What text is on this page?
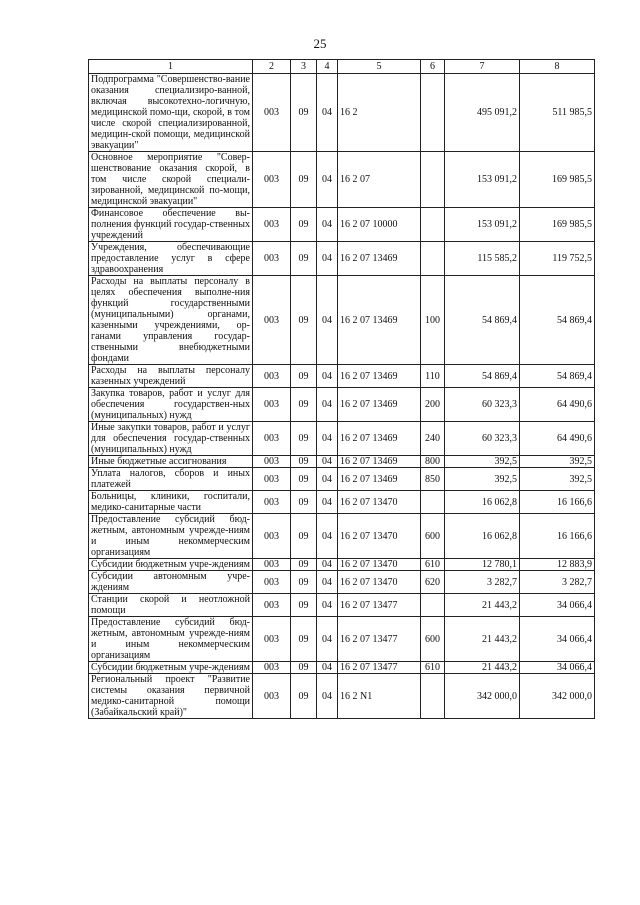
25
1	2	3	4	5	6	7	8
Подпрограмма "Совершенство-вание оказания специализиро-ванной, включая высокотехно-логичную, медицинской помо-щи, скорой, в том числе скорой специализированной, медицин-ской помощи, медицинской эвакуации"	003	09	04	16 2		495 091,2	511 985,5
Основное мероприятие "Совер-шенствование оказания скорой, в том числе скорой специали-зированной, медицинской по-мощи, медицинской эвакуации"	003	09	04	16 2 07		153 091,2	169 985,5
Финансовое обеспечение вы-полнения функций государ-ственных учреждений	003	09	04	16 2 07 10000		153 091,2	169 985,5
Учреждения, обеспечивающие предоставление услуг в сфере здравоохранения	003	09	04	16 2 07 13469		115 585,2	119 752,5
Расходы на выплаты персоналу в целях обеспечения выполне-ния функций государственными (муниципальными) органами, казенными учреждениями, ор-ганами управления государ-ственными внебюджетными фондами	003	09	04	16 2 07 13469	100	54 869,4	54 869,4
Расходы на выплаты персоналу казенных учреждений	003	09	04	16 2 07 13469	110	54 869,4	54 869,4
Закупка товаров, работ и услуг для обеспечения государствен-ных (муниципальных) нужд	003	09	04	16 2 07 13469	200	60 323,3	64 490,6
Иные закупки товаров, работ и услуг для обеспечения государ-ственных (муниципальных) нужд	003	09	04	16 2 07 13469	240	60 323,3	64 490,6
Иные бюджетные ассигнования	003	09	04	16 2 07 13469	800	392,5	392,5
Уплата налогов, сборов и иных платежей	003	09	04	16 2 07 13469	850	392,5	392,5
Больницы, клиники, госпитали, медико-санитарные части	003	09	04	16 2 07 13470		16 062,8	16 166,6
Предоставление субсидий бюд-жетным, автономным учрежде-ниям и иным некоммерческим организациям	003	09	04	16 2 07 13470	600	16 062,8	16 166,6
Субсидии бюджетным учре-ждениям	003	09	04	16 2 07 13470	610	12 780,1	12 883,9
Субсидии автономным учре-ждениям	003	09	04	16 2 07 13470	620	3 282,7	3 282,7
Станции скорой и неотложной помощи	003	09	04	16 2 07 13477		21 443,2	34 066,4
Предоставление субсидий бюд-жетным, автономным учрежде-ниям и иным некоммерческим организациям	003	09	04	16 2 07 13477	600	21 443,2	34 066,4
Субсидии бюджетным учре-ждениям	003	09	04	16 2 07 13477	610	21 443,2	34 066,4
Региональный проект "Развитие системы оказания первичной медико-санитарной помощи (Забайкальский край)"	003	09	04	16 2 N1		342 000,0	342 000,0
